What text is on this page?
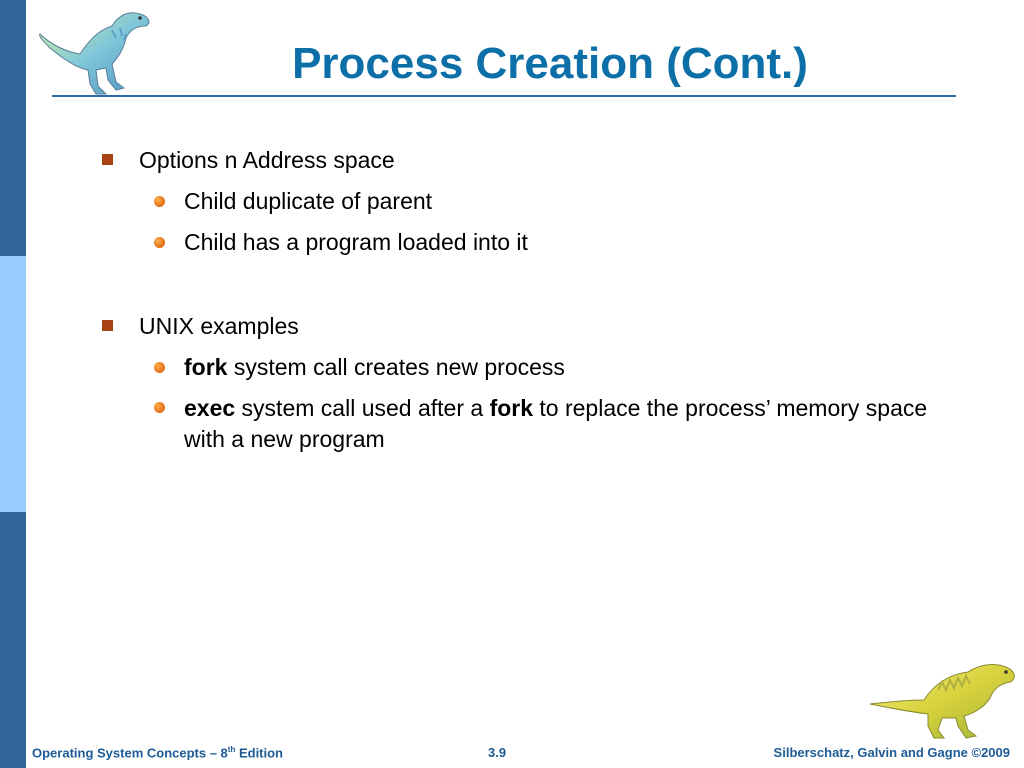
Process Creation (Cont.)
Options n Address space
Child duplicate of parent
Child has a program loaded into it
UNIX examples
fork system call creates new process
exec system call used after a fork to replace the process’ memory space with a new program
Operating System Concepts – 8th Edition	3.9	Silberschatz, Galvin and Gagne ©2009
